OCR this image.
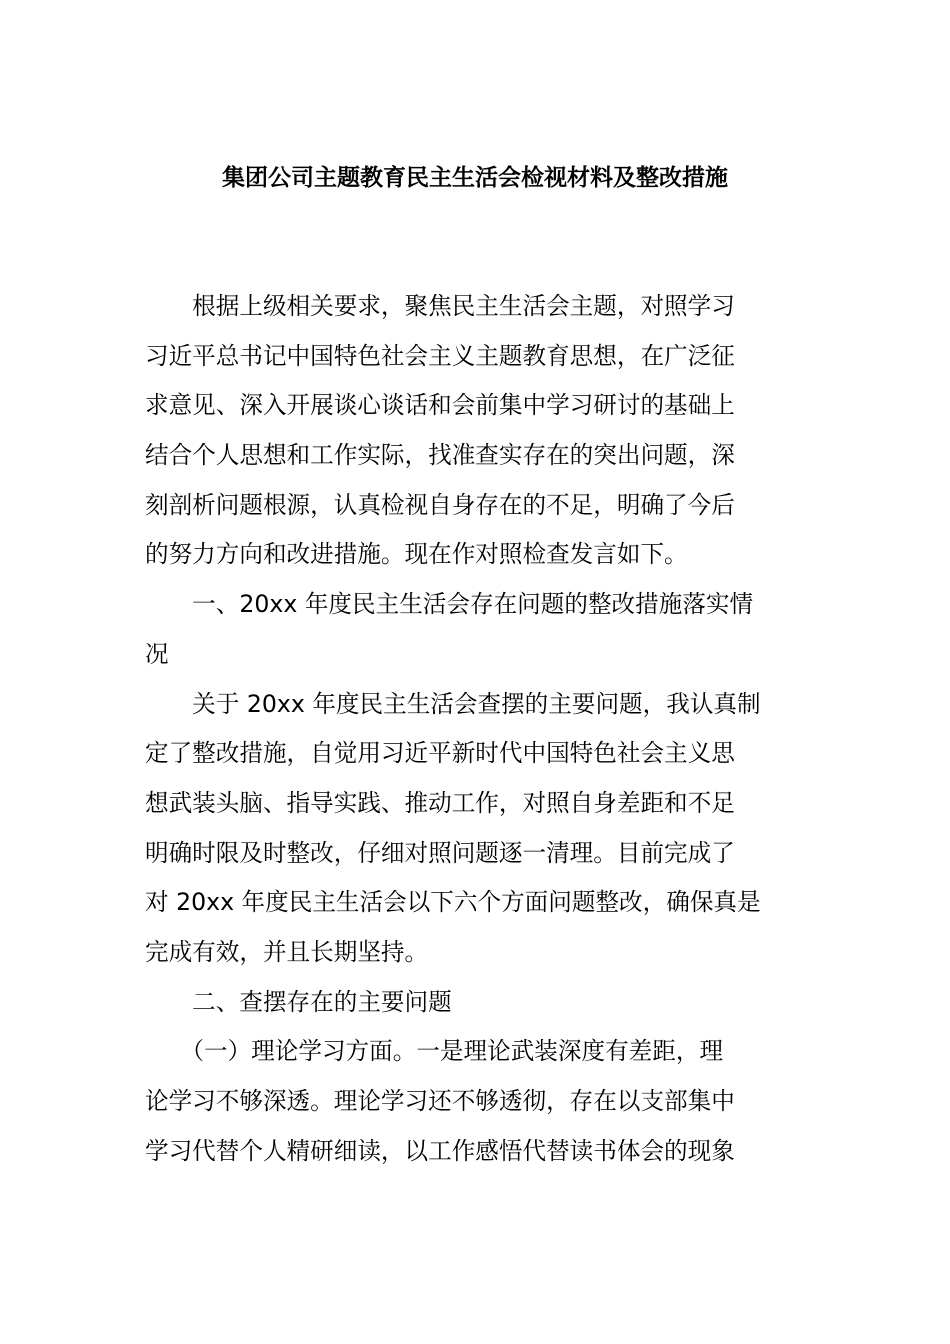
集团公司主题教育民主生活会检视材料及整改措施

　　根据上级相关要求，聚焦民主生活会主题，对照学习
习近平总书记中国特色社会主义主题教育思想，在广泛征
求意见、深入开展谈心谈话和会前集中学习研讨的基础上
结合个人思想和工作实际，找准查实存在的突出问题，深
刻剖析问题根源，认真检视自身存在的不足，明确了今后
的努力方向和改进措施。现在作对照检查发言如下。

　　一、20xx 年度民主生活会存在问题的整改措施落实情
况

　　关于 20xx 年度民主生活会查摆的主要问题，我认真制
定了整改措施，自觉用习近平新时代中国特色社会主义思
想武装头脑、指导实践、推动工作，对照自身差距和不足
明确时限及时整改，仔细对照问题逐一清理。目前完成了
对 20xx 年度民主生活会以下六个方面问题整改，确保真是
完成有效，并且长期坚持。

　　二、查摆存在的主要问题

　　（一）理论学习方面。一是理论武装深度有差距，理
论学习不够深透。理论学习还不够透彻，存在以支部集中
学习代替个人精研细读，以工作感悟代替读书体会的现象
